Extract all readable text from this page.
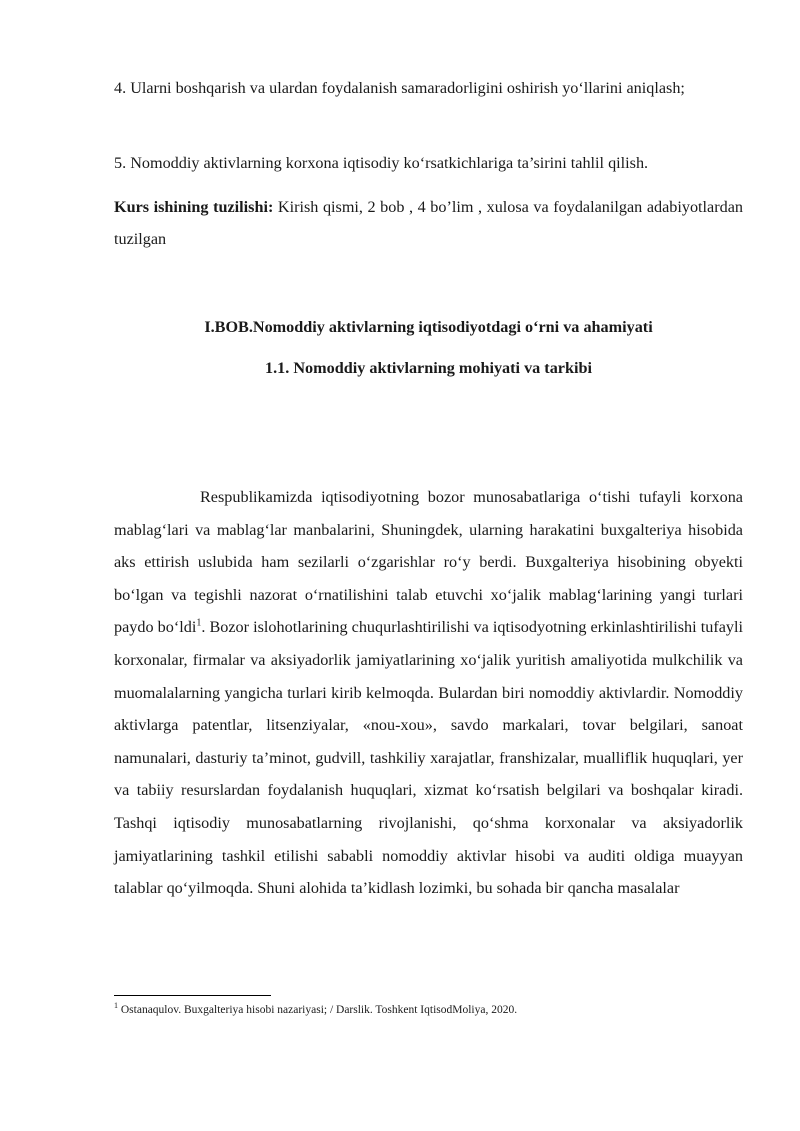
4. Ularni boshqarish va ulardan foydalanish samaradorligini oshirish yo‘llarini aniqlash;

5. Nomoddiy aktivlarning korxona iqtisodiy ko‘rsatkichlariga ta’sirini tahlil qilish.

Kurs ishining tuzilishi: Kirish qismi, 2 bob , 4 bo’lim , xulosa va foydalanilgan adabiyotlardan tuzilgan

I.BOB.Nomoddiy aktivlarning iqtisodiyotdagi o‘rni va ahamiyati
1.1. Nomoddiy aktivlarning mohiyati va tarkibi

Respublikamizda iqtisodiyotning bozor munosabatlariga o‘tishi tufayli korxona mablag‘lari va mablag‘lar manbalarini, Shuningdek, ularning harakatini buxgalteriya hisobida aks ettirish uslubida ham sezilarli o‘zgarishlar ro‘y berdi. Buxgalteriya hisobining obyekti bo‘lgan va tegishli nazorat o‘rnatilishini talab etuvchi xo‘jalik mablag‘larining yangi turlari paydo bo‘ldi$^1$. Bozor islohotlarining chuqurlashtirilishi va iqtisodyotning erkinlashtirilishi tufayli korxonalar, firmalar va aksiyadorlik jamiyatlarining xo‘jalik yuritish amaliyotida mulkchilik va muomalalarning yangicha turlari kirib kelmoqda. Bulardan biri nomoddiy aktivlardir. Nomoddiy aktivlarga patentlar, litsenziyalar, «nou-xou», savdo markalari, tovar belgilari, sanoat namunalari, dasturiy ta’minot, gudvill, tashkiliy xarajatlar, franshizalar, mualliflik huquqlari, yer va tabiiy resurslardan foydalanish huquqlari, xizmat ko‘rsatish belgilari va boshqalar kiradi. Tashqi iqtisodiy munosabatlarning rivojlanishi, qo‘shma korxonalar va aksiyadorlik jamiyatlarining tashkil etilishi sababli nomoddiy aktivlar hisobi va auditi oldiga muayyan talablar qo‘yilmoqda. Shuni alohida ta’kidlash lozimki, bu sohada bir qancha masalalar

$^1$ Ostanaqulov. Buxgalteriya hisobi nazariyasi; / Darslik. Toshkent IqtisodMoliya, 2020.
